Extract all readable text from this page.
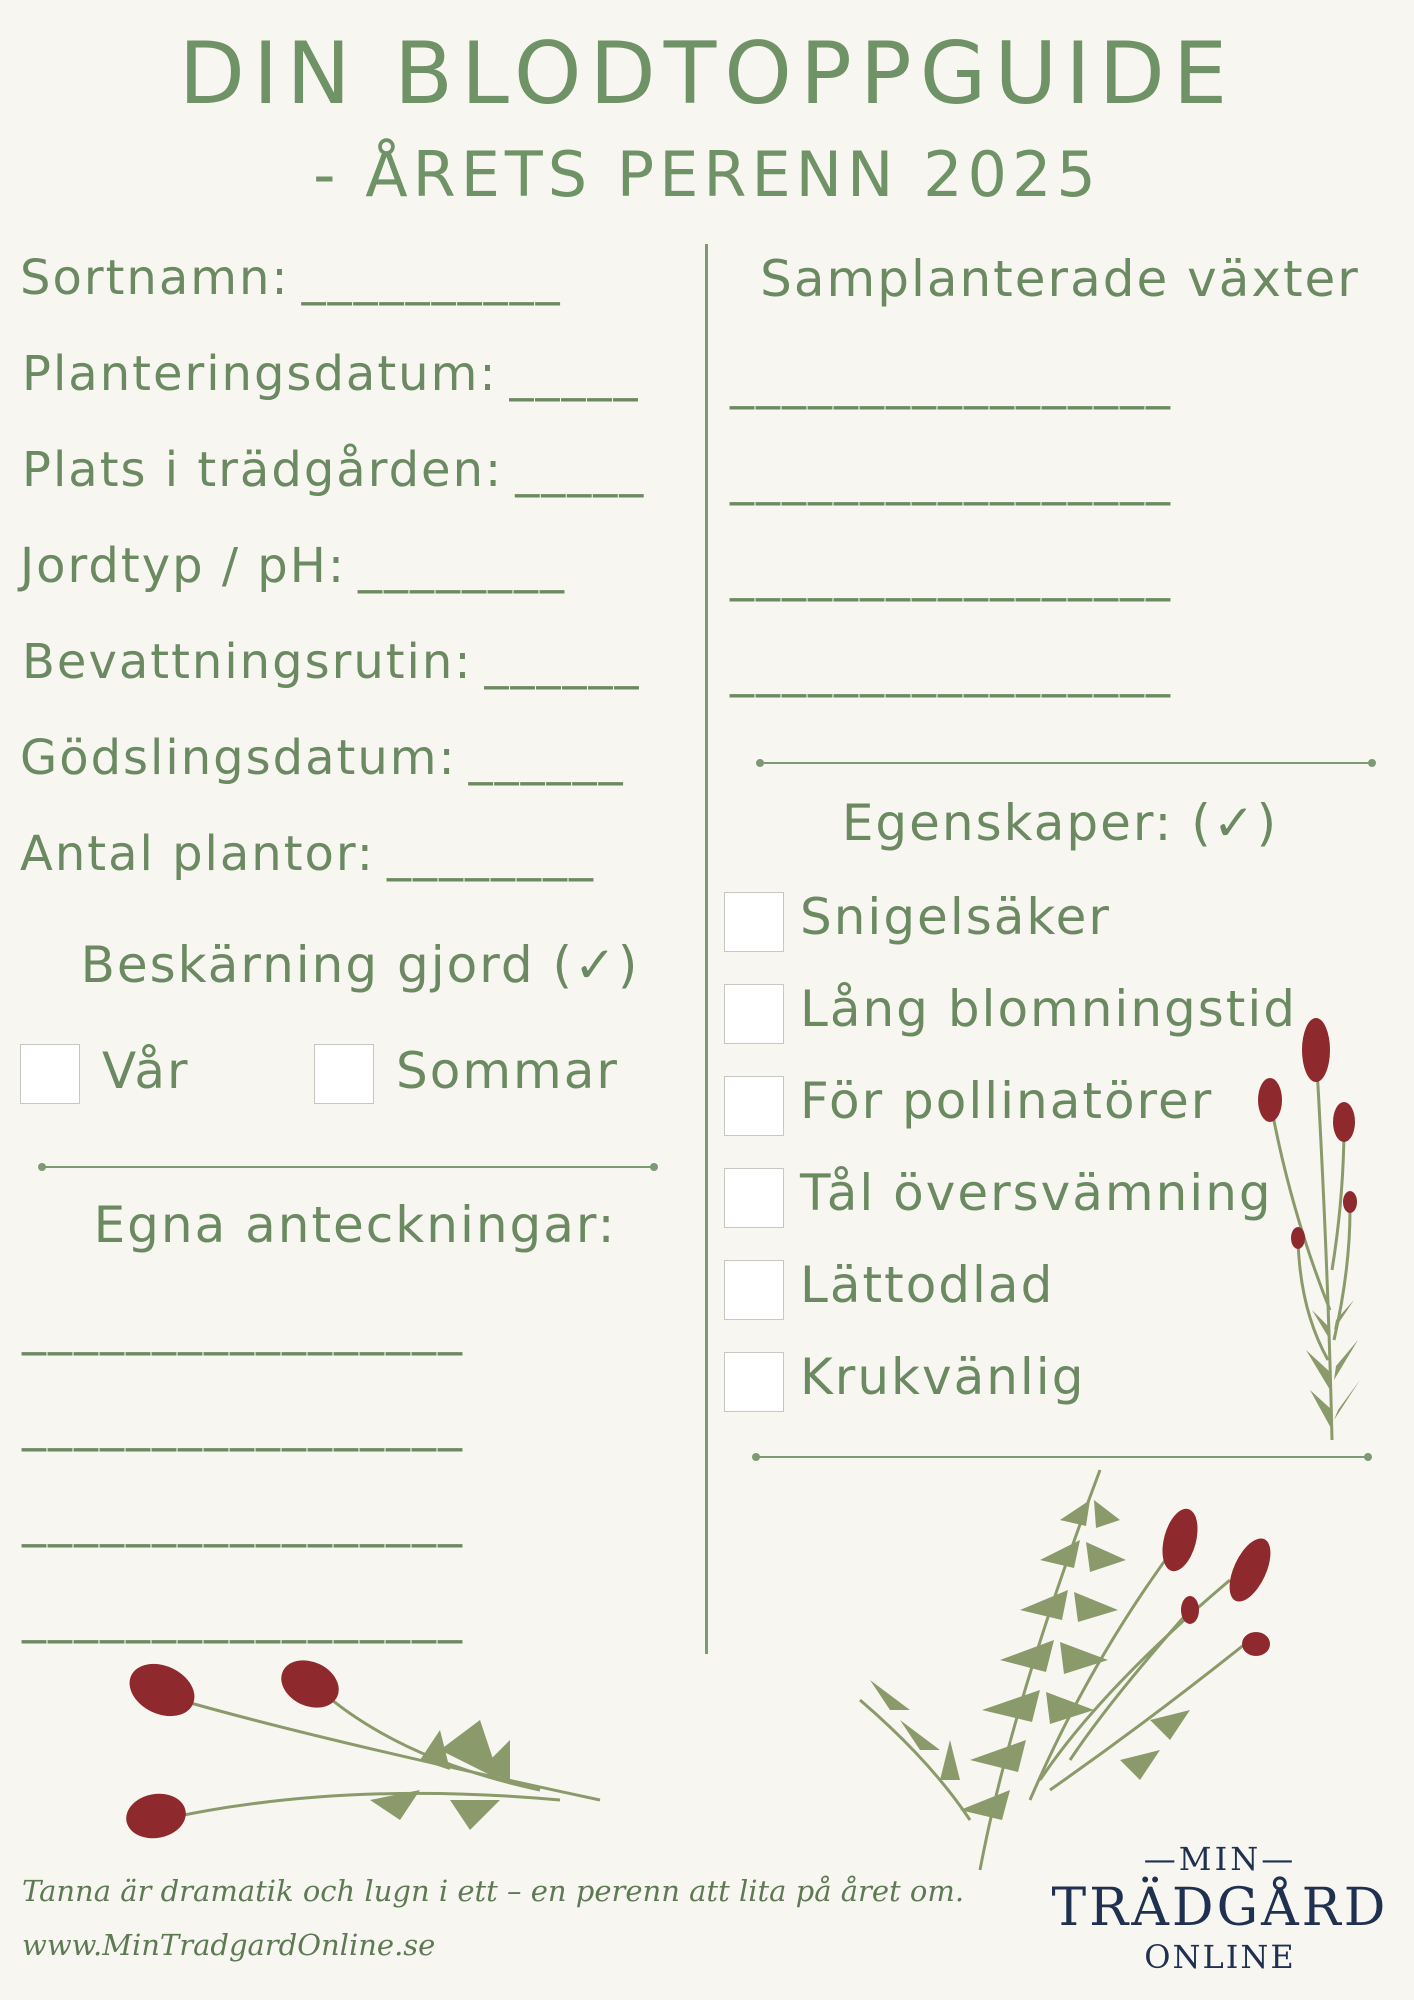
DIN BLODTOPPGUIDE
- ÅRETS PERENN 2025
Sortnamn: __________
Planteringsdatum: _____
Plats i trädgården: _____
Jordtyp / pH: ________
Bevattningsrutin: ______
Gödslingsdatum: ______
Antal plantor: ________
Beskärning gjord (✓)
Vår	Sommar
Egna anteckningar:
_________________
_________________
_________________
_________________
Samplanterade växter
_________________
_________________
_________________
_________________
Egenskaper: (✓)
Snigelsäker
Lång blomningstid
För pollinatörer
Tål översvämning
Lättodlad
Krukvänlig
Tanna är dramatik och lugn i ett – en perenn att lita på året om.
www.MinTradgardOnline.se
—MIN—
TRÄDGÅRD
ONLINE
